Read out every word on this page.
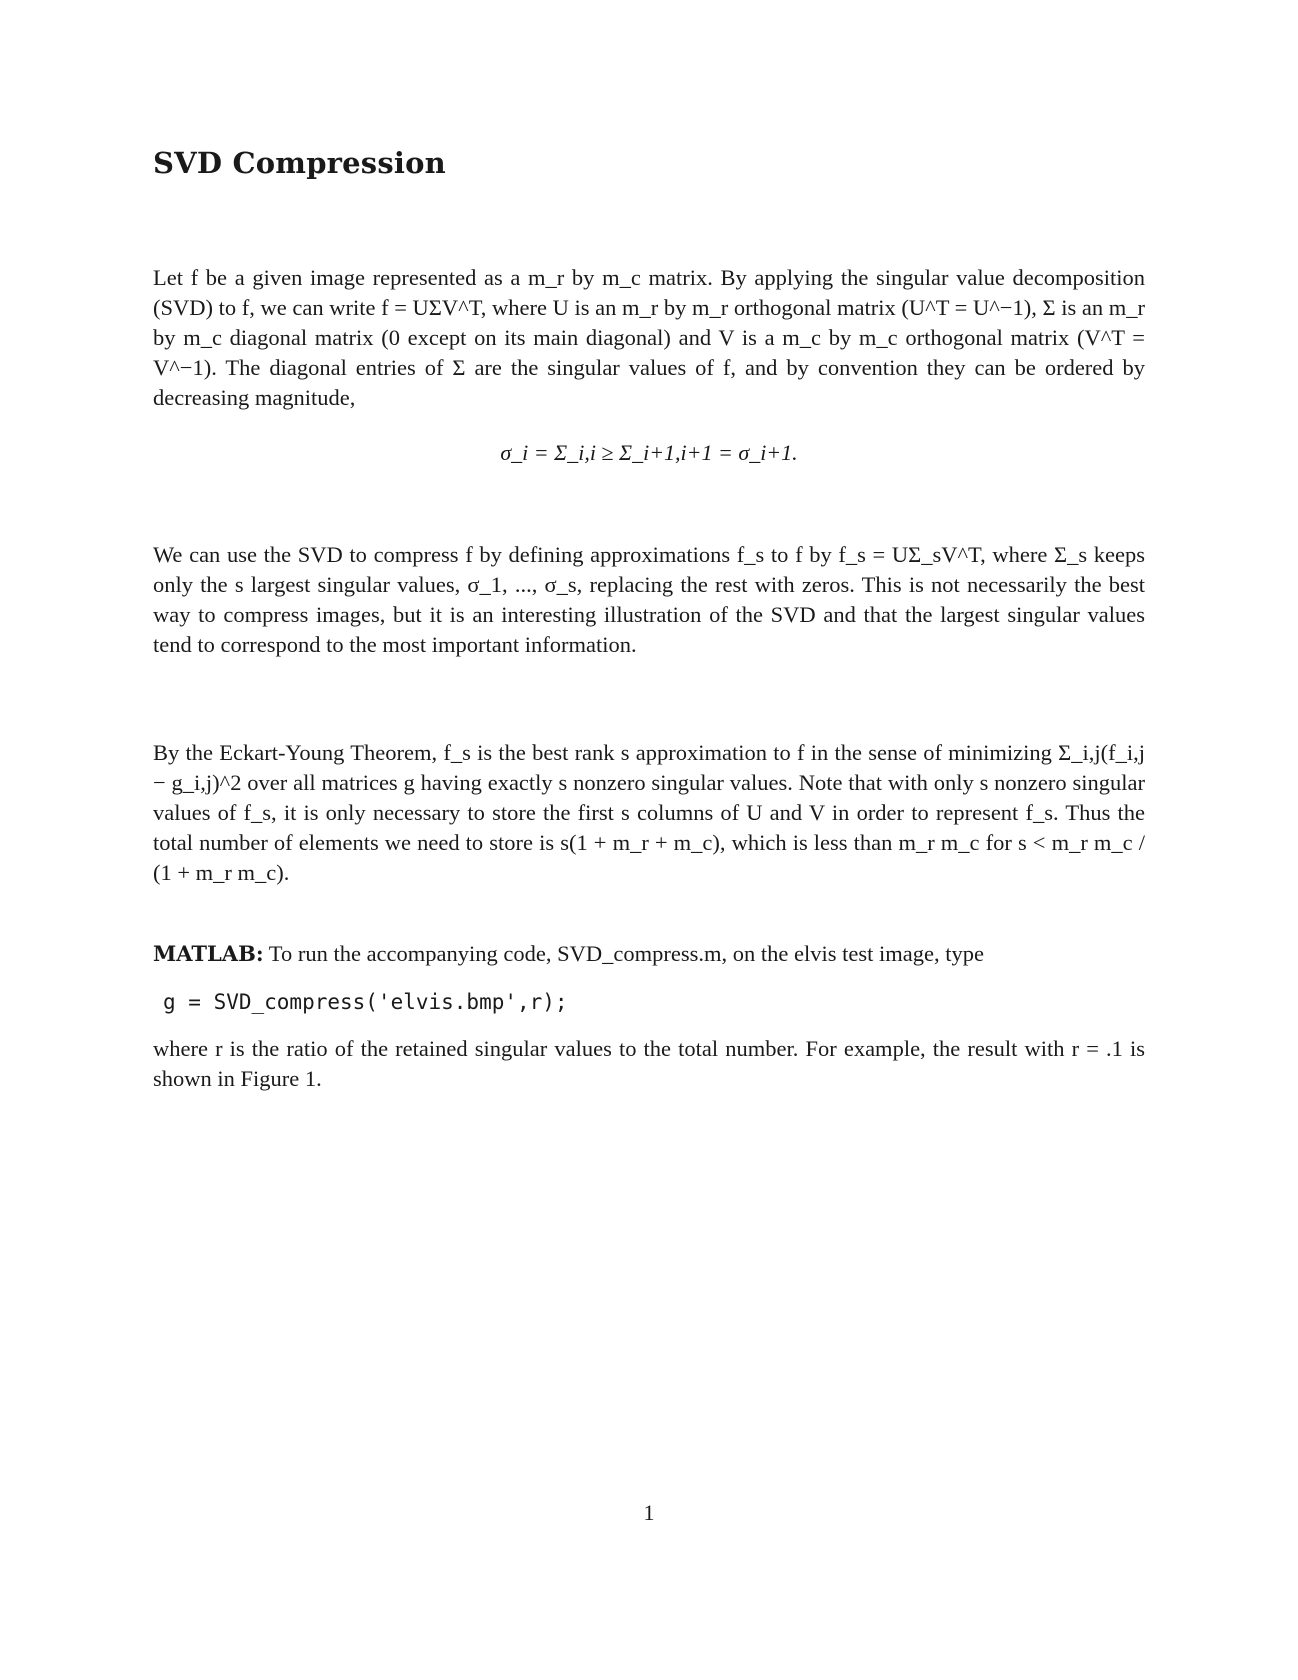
SVD Compression

Let f be a given image represented as a m_r by m_c matrix. By applying the singular value decomposition (SVD) to f, we can write f = UΣV^T, where U is an m_r by m_r orthogonal matrix (U^T = U^−1), Σ is an m_r by m_c diagonal matrix (0 except on its main diagonal) and V is a m_c by m_c orthogonal matrix (V^T = V^−1). The diagonal entries of Σ are the singular values of f, and by convention they can be ordered by decreasing magnitude,

σ_i = Σ_i,i ≥ Σ_i+1,i+1 = σ_i+1.

We can use the SVD to compress f by defining approximations f_s to f by f_s = UΣ_sV^T, where Σ_s keeps only the s largest singular values, σ_1, ..., σ_s, replacing the rest with zeros. This is not necessarily the best way to compress images, but it is an interesting illustration of the SVD and that the largest singular values tend to correspond to the most important information.

By the Eckart-Young Theorem, f_s is the best rank s approximation to f in the sense of minimizing Σ_i,j(f_i,j − g_i,j)^2 over all matrices g having exactly s nonzero singular values. Note that with only s nonzero singular values of f_s, it is only necessary to store the first s columns of U and V in order to represent f_s. Thus the total number of elements we need to store is s(1 + m_r + m_c), which is less than m_r m_c for s < m_r m_c / (1 + m_r m_c).

MATLAB: To run the accompanying code, SVD_compress.m, on the elvis test image, type

g = SVD_compress('elvis.bmp',r);

where r is the ratio of the retained singular values to the total number. For example, the result with r = .1 is shown in Figure 1.

1
